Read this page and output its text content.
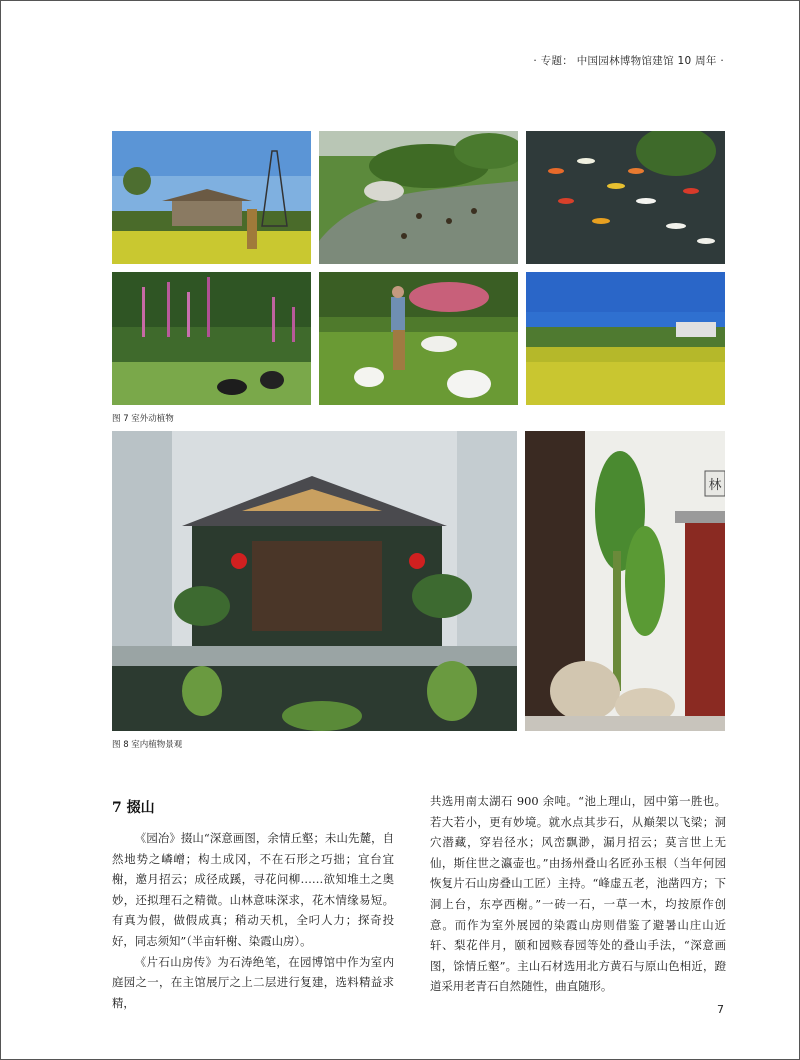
· 专题： 中国园林博物馆建馆 10 周年 ·
图 7 室外动植物
林
图 8 室内植物景观
7 掇山

《园冶》掇山“深意画图，余情丘壑；未山先麓，自然地势之嶙嶒；构土成冈，不在石形之巧拙；宜台宜榭，邀月招云；成径成蹊，寻花问柳……欲知堆土之奥妙，还拟理石之精微。山林意味深求，花木情缘易短。有真为假，做假成真；稍动天机，全叼人力；探奇投好，同志须知”（半亩轩榭、染霞山房）。

《片石山房传》为石涛绝笔，在园博馆中作为室内庭园之一，在主馆展厅之上二层进行复建，选料精益求精，

共选用南太湖石 900 余吨。“池上理山，园中第一胜也。若大若小，更有妙境。就水点其步石，从巅架以飞梁；洞穴潜藏，穿岩径水；风峦飘渺，漏月招云；莫言世上无仙，斯住世之瀛壶也。”由扬州叠山名匠孙玉根（当年何园恢复片石山房叠山工匠）主持。“峰虚五老，池凿四方；下洞上台，东亭西榭。”一砖一石，一草一木，均按原作创意。而作为室外展园的染霞山房则借鉴了避暑山庄山近轩、梨花伴月，颐和园赅春园等处的叠山手法，“深意画图，馀情丘壑”。主山石材选用北方黄石与原山色相近，蹬道采用老青石自然随性，曲直随形。

7
